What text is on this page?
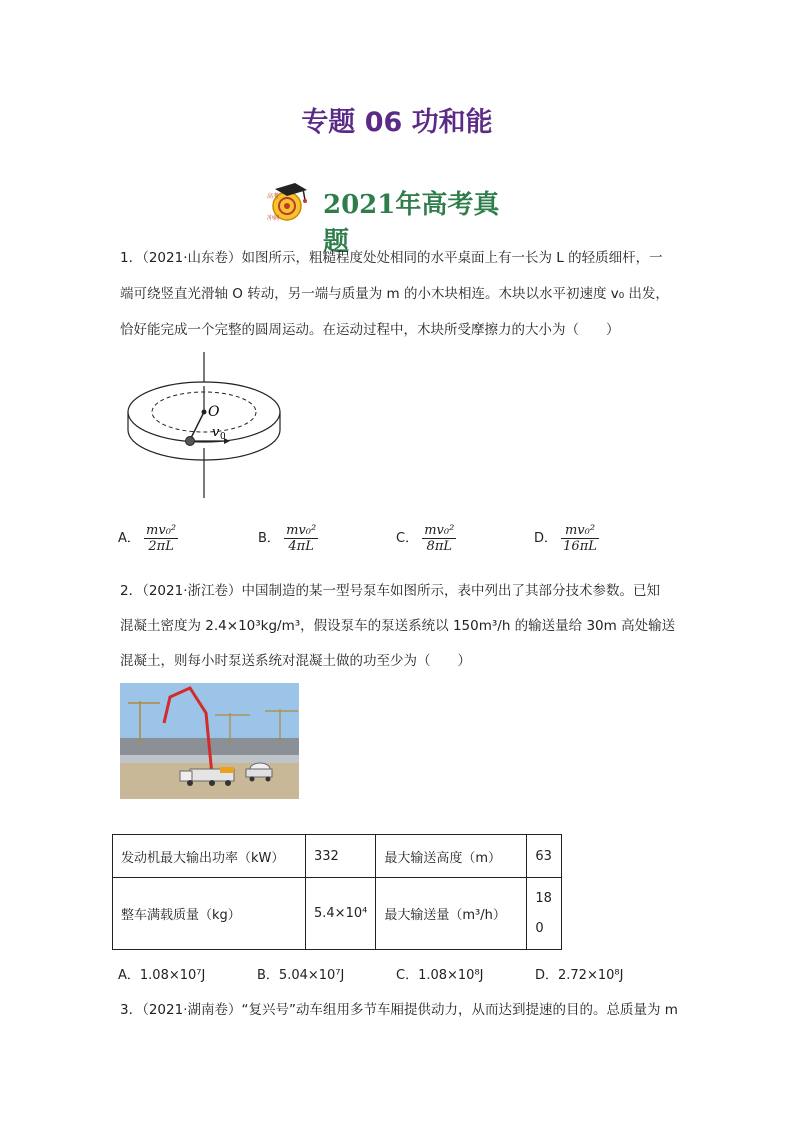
专题 06 功和能
高考
冲刺 2021年高考真题
1．（2021·山东卷）如图所示，粗糙程度处处相同的水平桌面上有一长为 L 的轻质细杆，一
端可绕竖直光滑轴 O 转动，另一端与质量为 m 的小木块相连。木块以水平初速度 v₀ 出发，
恰好能完成一个完整的圆周运动。在运动过程中，木块所受摩擦力的大小为（　　）
O
v 0
A． $\frac{\text{mv₀²}}{2\pi L}$	B． $\frac{\text{mv₀²}}{4\pi L}$	C． $\frac{\text{mv₀²}}{8\pi L}$	D． $\frac{\text{mv₀²}}{16\pi L}$
2．（2021·浙江卷）中国制造的某一型号泵车如图所示，表中列出了其部分技术参数。已知
混凝土密度为 2.4×10³kg/m³，假设泵车的泵送系统以 150m³/h 的输送量给 30m 高处输送
混凝土，则每小时泵送系统对混凝土做的功至少为（　　）
发动机最大输出功率（kW）	332	最大输送高度（m）	63
整车满载质量（kg）	5.4×10⁴	最大输送量（m³/h）	18
0
A．1.08×10⁷J	B．5.04×10⁷J	C．1.08×10⁸J	D．2.72×10⁸J
3．（2021·湖南卷）“复兴号”动车组用多节车厢提供动力，从而达到提速的目的。总质量为 m
